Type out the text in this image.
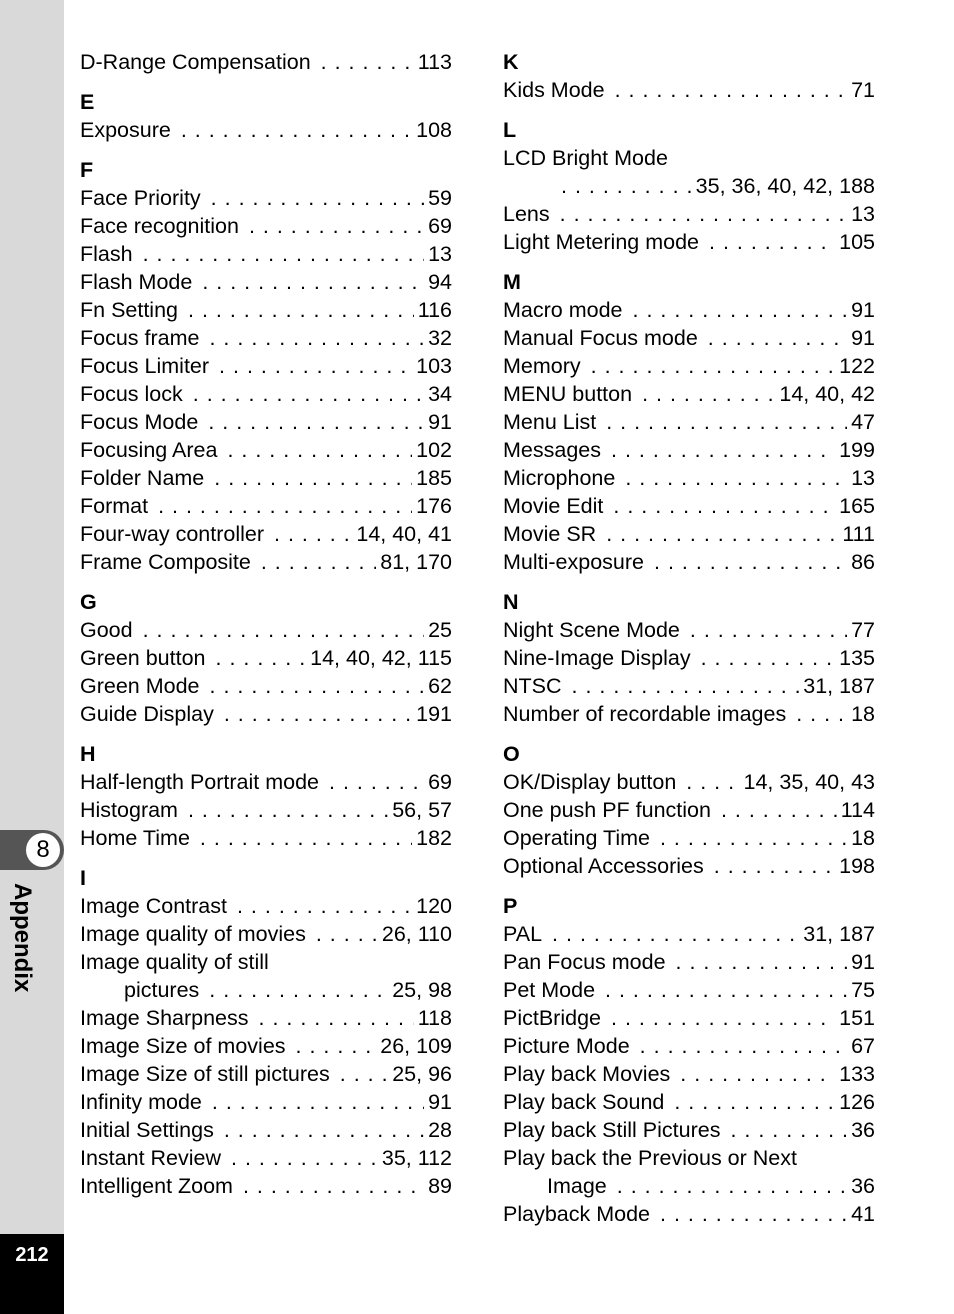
8
Appendix
212
D-Range Compensation . . .	113
E
Exposure . . .	108
F
Face Priority . . .	59
Face recognition . . .	69
Flash . . .	13
Flash Mode . . .	94
Fn Setting . . .	116
Focus frame . . .	32
Focus Limiter . . .	103
Focus lock . . .	34
Focus Mode . . .	91
Focusing Area . . .	102
Folder Name . . .	185
Format . . .	176
Four-way controller . . .	14, 40, 41
Frame Composite . . .	81, 170
G
Good . . .	25
Green button . . .	14, 40, 42, 115
Green Mode . . .	62
Guide Display . . .	191
H
Half-length Portrait mode . . .	69
Histogram . . .	56, 57
Home Time . . .	182
I
Image Contrast . . .	120
Image quality of movies . . .	26, 110
Image quality of still
pictures . . .	25, 98
Image Sharpness . . .	118
Image Size of movies . . .	26, 109
Image Size of still pictures . . .	25, 96
Infinity mode . . .	91
Initial Settings . . .	28
Instant Review . . .	35, 112
Intelligent Zoom . . .	89
K
Kids Mode . . .	71
L
LCD Bright Mode
. . .
35, 36, 40, 42, 188
Lens . . .	13
Light Metering mode . . .	105
M
Macro mode . . .	91
Manual Focus mode . . .	91
Memory . . .	122
MENU button . . .	14, 40, 42
Menu List . . .	47
Messages . . .	199
Microphone . . .	13
Movie Edit . . .	165
Movie SR . . .	111
Multi-exposure . . .	86
N
Night Scene Mode . . .	77
Nine-Image Display . . .	135
NTSC . . .	31, 187
Number of recordable images . . .	18
O
OK/Display button . . .	14, 35, 40, 43
One push PF function . . .	114
Operating Time . . .	18
Optional Accessories . . .	198
P
PAL . . .	31, 187
Pan Focus mode . . .	91
Pet Mode . . .	75
PictBridge . . .	151
Picture Mode . . .	67
Play back Movies . . .	133
Play back Sound . . .	126
Play back Still Pictures . . .	36
Play back the Previous or Next
Image . . .	36
Playback Mode . . .	41
